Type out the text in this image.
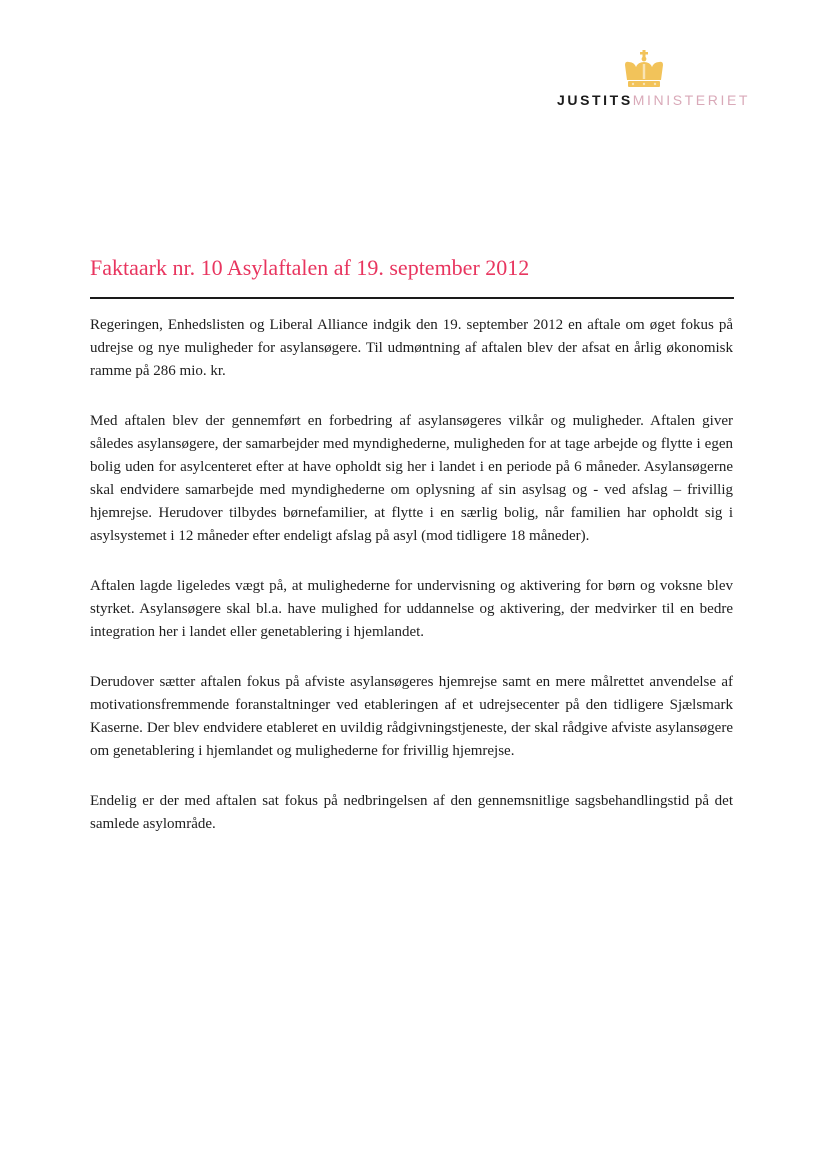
JUSTITSMINISTERIET
Faktaark nr. 10 Asylaftalen af 19. september 2012

Regeringen, Enhedslisten og Liberal Alliance indgik den 19. september 2012 en aftale om øget fokus på udrejse og nye muligheder for asylansøgere. Til udmøntning af aftalen blev der afsat en årlig økonomisk ramme på 286 mio. kr.

Med aftalen blev der gennemført en forbedring af asylansøgeres vilkår og muligheder. Aftalen giver således asylansøgere, der samarbejder med myndighederne, muligheden for at tage arbejde og flytte i egen bolig uden for asylcenteret efter at have opholdt sig her i landet i en periode på 6 måneder. Asylansøgerne skal endvidere samarbejde med myndighederne om oplysning af sin asylsag og - ved afslag – frivillig hjemrejse. Herudover tilbydes børnefamilier, at flytte i en særlig bolig, når familien har opholdt sig i asylsystemet i 12 måneder efter endeligt afslag på asyl (mod tidligere 18 måneder).

Aftalen lagde ligeledes vægt på, at mulighederne for undervisning og aktivering for børn og voksne blev styrket. Asylansøgere skal bl.a. have mulighed for uddannelse og aktivering, der medvirker til en bedre integration her i landet eller genetablering i hjemlandet.

Derudover sætter aftalen fokus på afviste asylansøgeres hjemrejse samt en mere målrettet anvendelse af motivationsfremmende foranstaltninger ved etableringen af et udrejsecenter på den tidligere Sjælsmark Kaserne. Der blev endvidere etableret en uvildig rådgivningstjeneste, der skal rådgive afviste asylansøgere om genetablering i hjemlandet og mulighederne for frivillig hjemrejse.

Endelig er der med aftalen sat fokus på nedbringelsen af den gennemsnitlige sagsbehandlingstid på det samlede asylområde.
